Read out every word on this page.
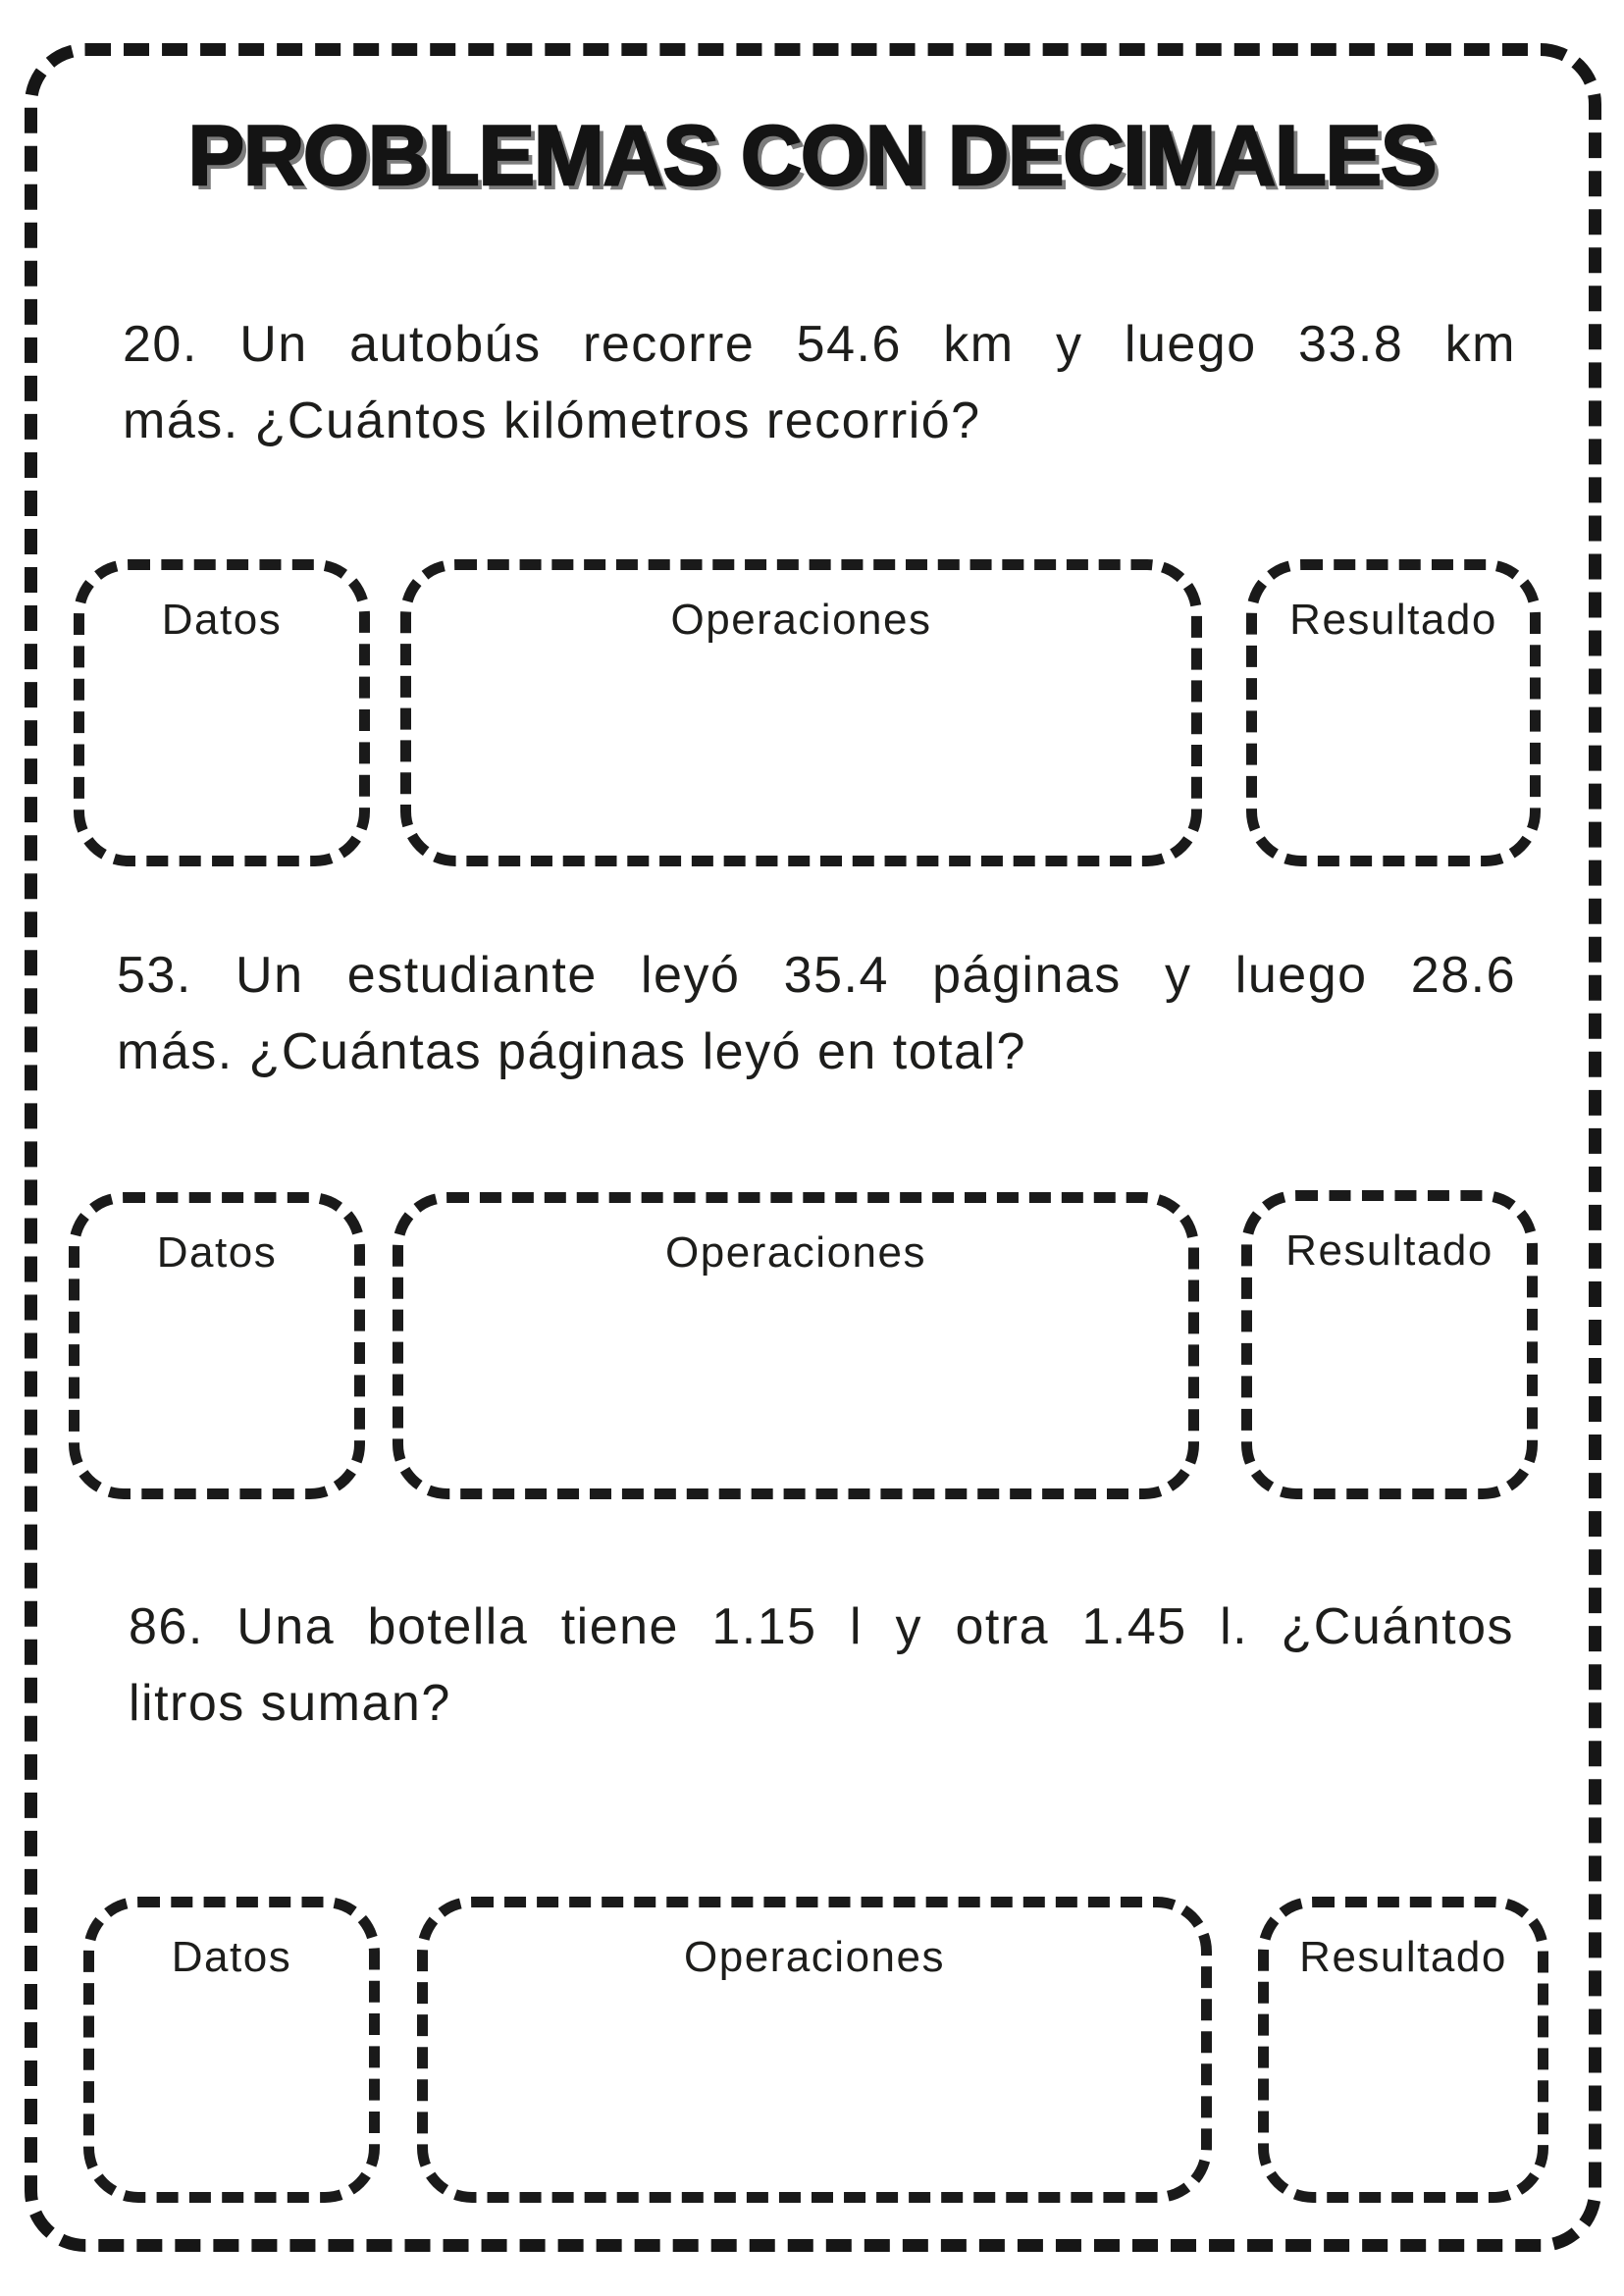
PROBLEMAS CON DECIMALES
20. Un autobús recorre 54.6 km y luego 33.8 km
más. ¿Cuántos kilómetros recorrió?
Datos	Operaciones	Resultado
53. Un estudiante leyó 35.4 páginas y luego 28.6
más. ¿Cuántas páginas leyó en total?
Datos	Operaciones	Resultado
86. Una botella tiene 1.15 l y otra 1.45 l. ¿Cuántos
litros suman?
Datos	Operaciones	Resultado
